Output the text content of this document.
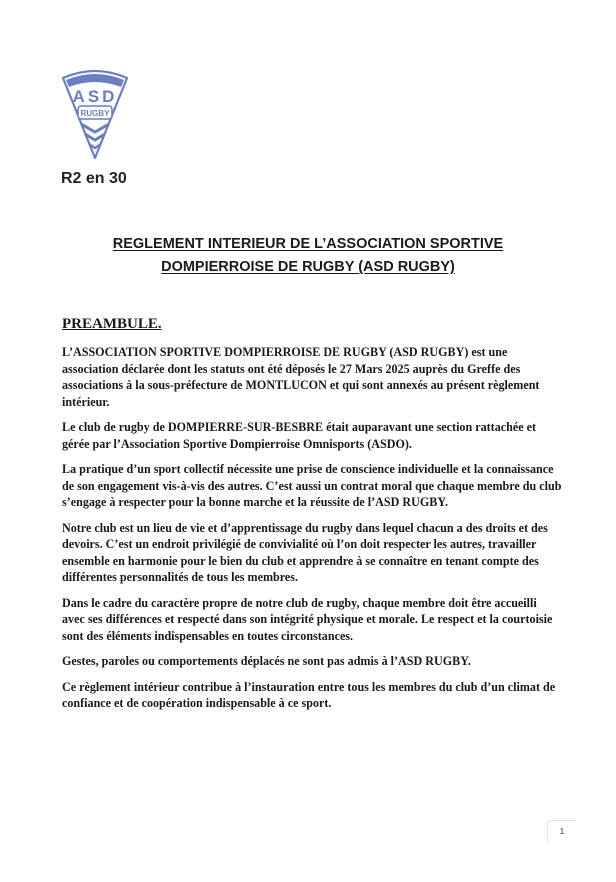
ASD
RUGBY
R2 en 30
REGLEMENT INTERIEUR DE L’ASSOCIATION SPORTIVE
DOMPIERROISE DE RUGBY (ASD RUGBY)
PREAMBULE.

L’ASSOCIATION SPORTIVE DOMPIERROISE DE RUGBY (ASD RUGBY) est une association déclarée dont les statuts ont été déposés le 27 Mars 2025 auprès du Greffe des associations à la sous-préfecture de MONTLUCON et qui sont annexés au présent règlement intérieur.

Le club de rugby de DOMPIERRE-SUR-BESBRE était auparavant une section rattachée et gérée par l’Association Sportive Dompierroise Omnisports (ASDO).

La pratique d’un sport collectif nécessite une prise de conscience individuelle et la connaissance de son engagement vis-à-vis des autres. C’est aussi un contrat moral que chaque membre du club s’engage à respecter pour la bonne marche et la réussite de l’ASD RUGBY.

Notre club est un lieu de vie et d’apprentissage du rugby dans lequel chacun a des droits et des devoirs. C’est un endroit privilégié de convivialité où l’on doit respecter les autres, travailler ensemble en harmonie pour le bien du club et apprendre à se connaître en tenant compte des différentes personnalités de tous les membres.

Dans le cadre du caractère propre de notre club de rugby, chaque membre doit être accueilli avec ses différences et respecté dans son intégrité physique et morale. Le respect et la courtoisie sont des éléments indispensables en toutes circonstances.

Gestes, paroles ou comportements déplacés ne sont pas admis à l’ASD RUGBY.

Ce règlement intérieur contribue à l’instauration entre tous les membres du club d’un climat de confiance et de coopération indispensable à ce sport.

1
